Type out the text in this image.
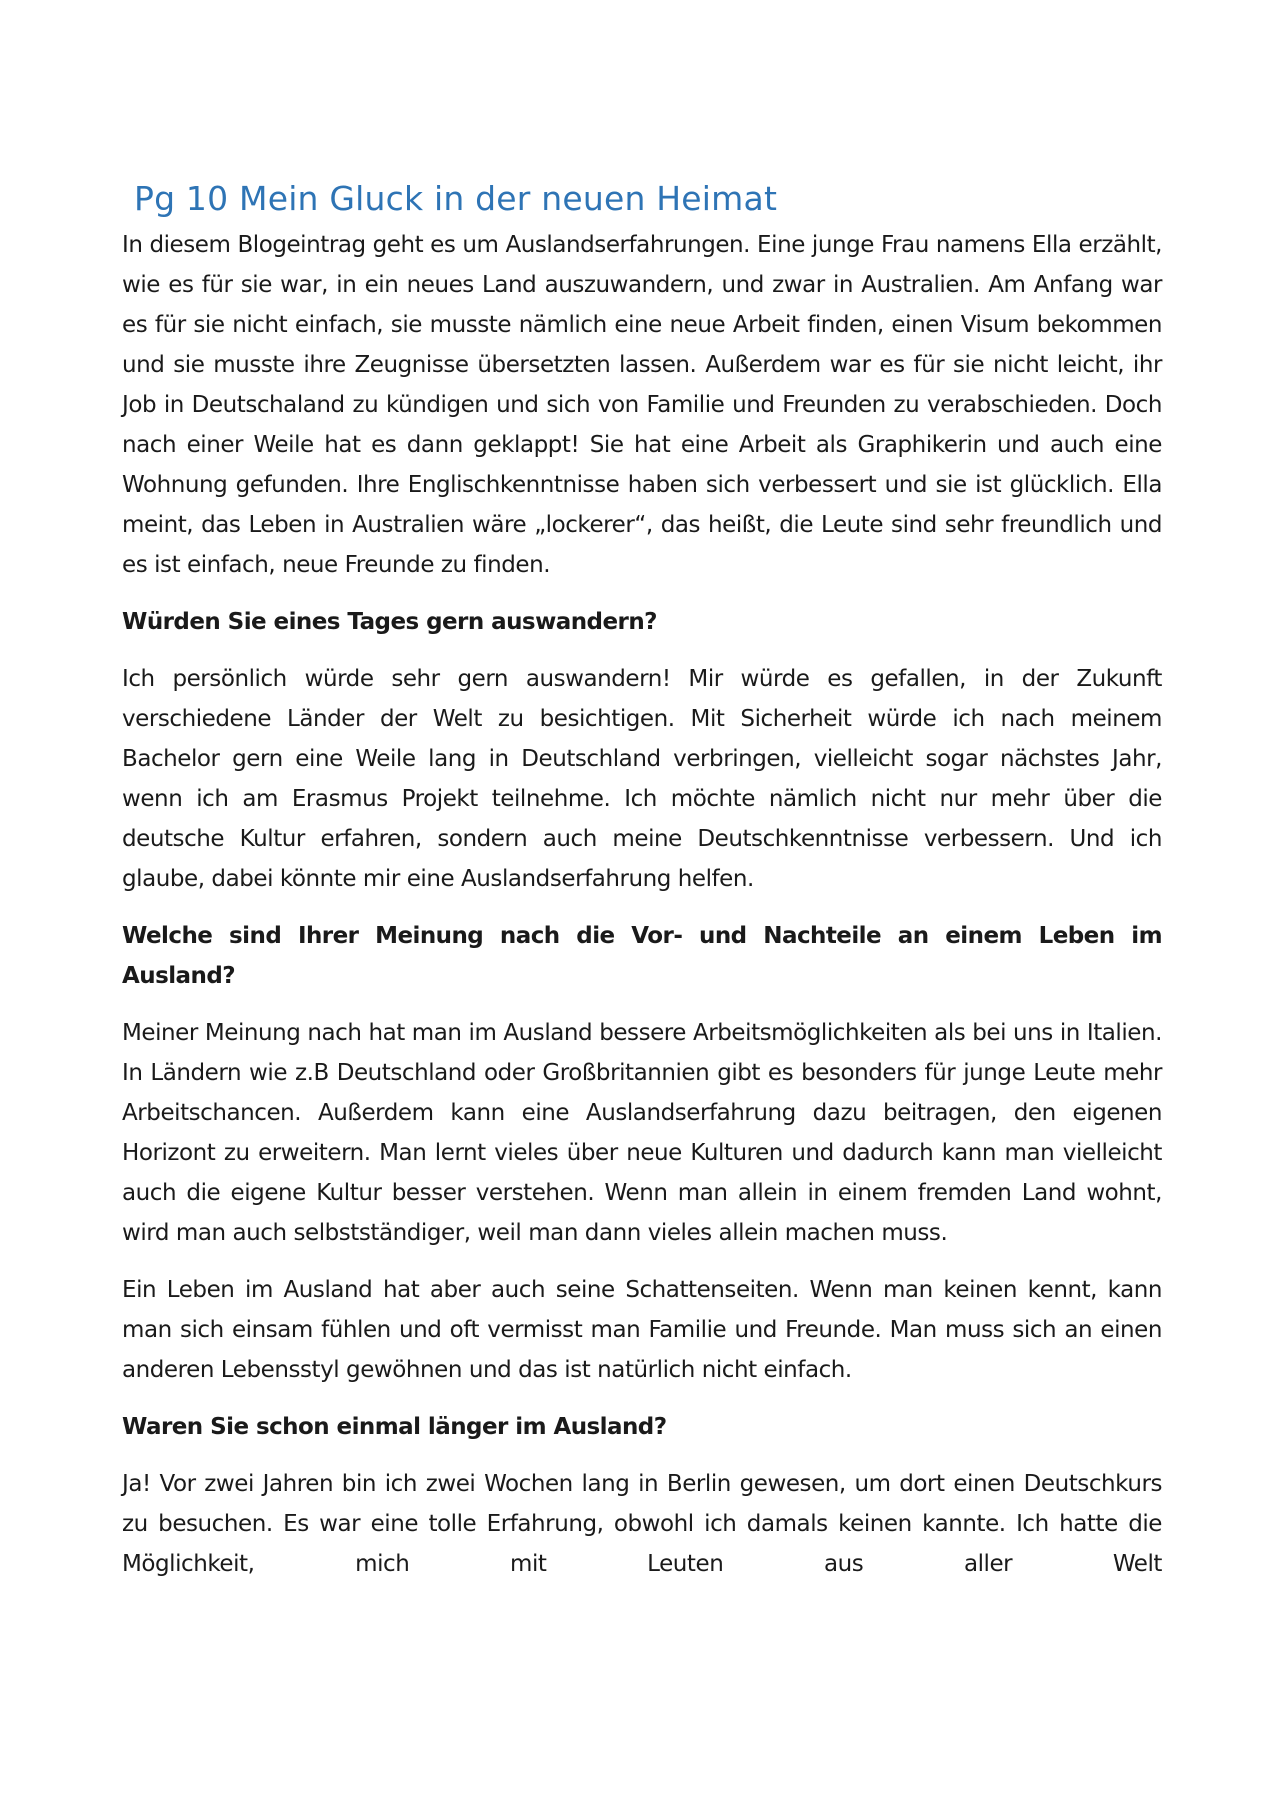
Pg 10 Mein Gluck in der neuen Heimat

In diesem Blogeintrag geht es um Auslandserfahrungen. Eine junge Frau namens Ella erzählt, wie es für sie war, in ein neues Land auszuwandern, und zwar in Australien. Am Anfang war es für sie nicht einfach, sie musste nämlich eine neue Arbeit finden, einen Visum bekommen und sie musste ihre Zeugnisse übersetzten lassen. Außerdem war es für sie nicht leicht, ihr Job in Deutschaland zu kündigen und sich von Familie und Freunden zu verabschieden. Doch nach einer Weile hat es dann geklappt! Sie hat eine Arbeit als Graphikerin und auch eine Wohnung gefunden. Ihre Englischkenntnisse haben sich verbessert und sie ist glücklich. Ella meint, das Leben in Australien wäre „lockerer“, das heißt, die Leute sind sehr freundlich und es ist einfach, neue Freunde zu finden.

Würden Sie eines Tages gern auswandern?

Ich persönlich würde sehr gern auswandern! Mir würde es gefallen, in der Zukunft verschiedene Länder der Welt zu besichtigen. Mit Sicherheit würde ich nach meinem Bachelor gern eine Weile lang in Deutschland verbringen, vielleicht sogar nächstes Jahr, wenn ich am Erasmus Projekt teilnehme. Ich möchte nämlich nicht nur mehr über die deutsche Kultur erfahren, sondern auch meine Deutschkenntnisse verbessern. Und ich glaube, dabei könnte mir eine Auslandserfahrung helfen.

Welche sind Ihrer Meinung nach die Vor- und Nachteile an einem Leben im Ausland?

Meiner Meinung nach hat man im Ausland bessere Arbeitsmöglichkeiten als bei uns in Italien. In Ländern wie z.B Deutschland oder Großbritannien gibt es besonders für junge Leute mehr Arbeitschancen. Außerdem kann eine Auslandserfahrung dazu beitragen, den eigenen Horizont zu erweitern. Man lernt vieles über neue Kulturen und dadurch kann man vielleicht auch die eigene Kultur besser verstehen. Wenn man allein in einem fremden Land wohnt, wird man auch selbstständiger, weil man dann vieles allein machen muss.

Ein Leben im Ausland hat aber auch seine Schattenseiten. Wenn man keinen kennt, kann man sich einsam fühlen und oft vermisst man Familie und Freunde. Man muss sich an einen anderen Lebensstyl gewöhnen und das ist natürlich nicht einfach.

Waren Sie schon einmal länger im Ausland?

Ja! Vor zwei Jahren bin ich zwei Wochen lang in Berlin gewesen, um dort einen Deutschkurs zu besuchen. Es war eine tolle Erfahrung, obwohl ich damals keinen kannte. Ich hatte die Möglichkeit, mich mit Leuten aus aller Welt
